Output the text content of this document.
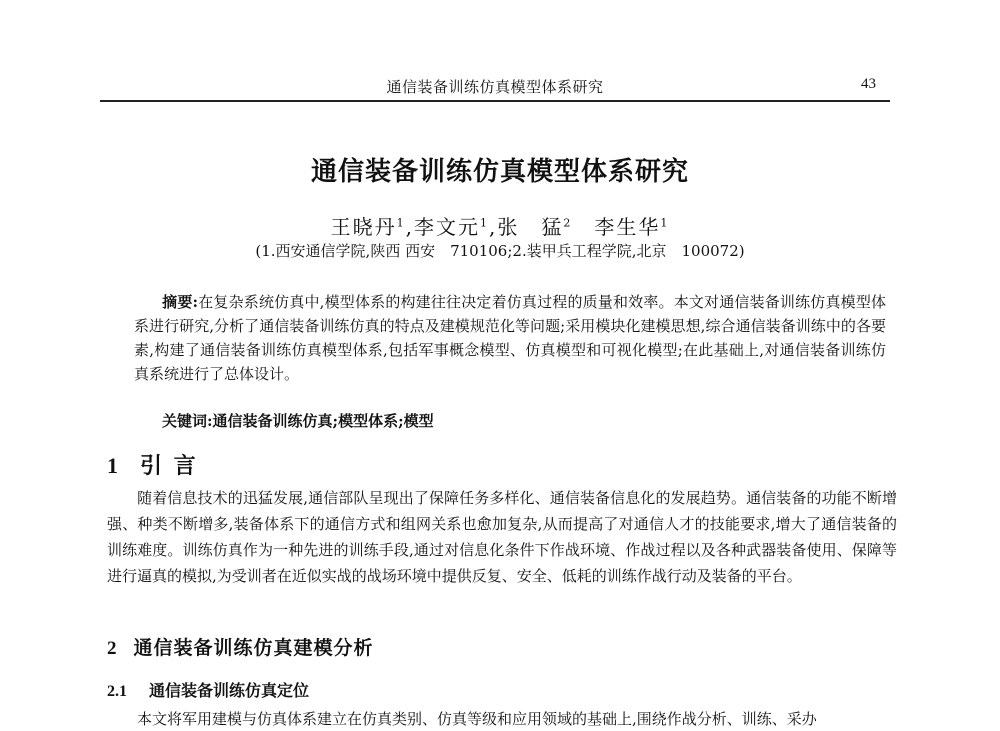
通信装备训练仿真模型体系研究	43
通信装备训练仿真模型体系研究
王晓丹$^1$,李文元$^1$,张　猛$^2$　 李生华$^1$
(1.西安通信学院,陕西 西安　710106;2.装甲兵工程学院,北京　100072)
摘要:在复杂系统仿真中,模型体系的构建往往决定着仿真过程的质量和效率。本文对通信装备训练仿真模型体系进行研究,分析了通信装备训练仿真的特点及建模规范化等问题;采用模块化建模思想,综合通信装备训练中的各要素,构建了通信装备训练仿真模型体系,包括军事概念模型、仿真模型和可视化模型;在此基础上,对通信装备训练仿真系统进行了总体设计。
关键词:通信装备训练仿真;模型体系;模型
1 引 言
随着信息技术的迅猛发展,通信部队呈现出了保障任务多样化、通信装备信息化的发展趋势。通信装备的功能不断增强、种类不断增多,装备体系下的通信方式和组网关系也愈加复杂,从而提高了对通信人才的技能要求,增大了通信装备的训练难度。训练仿真作为一种先进的训练手段,通过对信息化条件下作战环境、作战过程以及各种武器装备使用、保障等进行逼真的模拟,为受训者在近似实战的战场环境中提供反复、安全、低耗的训练作战行动及装备的平台。
2 通信装备训练仿真建模分析
2.1 通信装备训练仿真定位
本文将军用建模与仿真体系建立在仿真类别、仿真等级和应用领域的基础上,围绕作战分析、训练、采办
